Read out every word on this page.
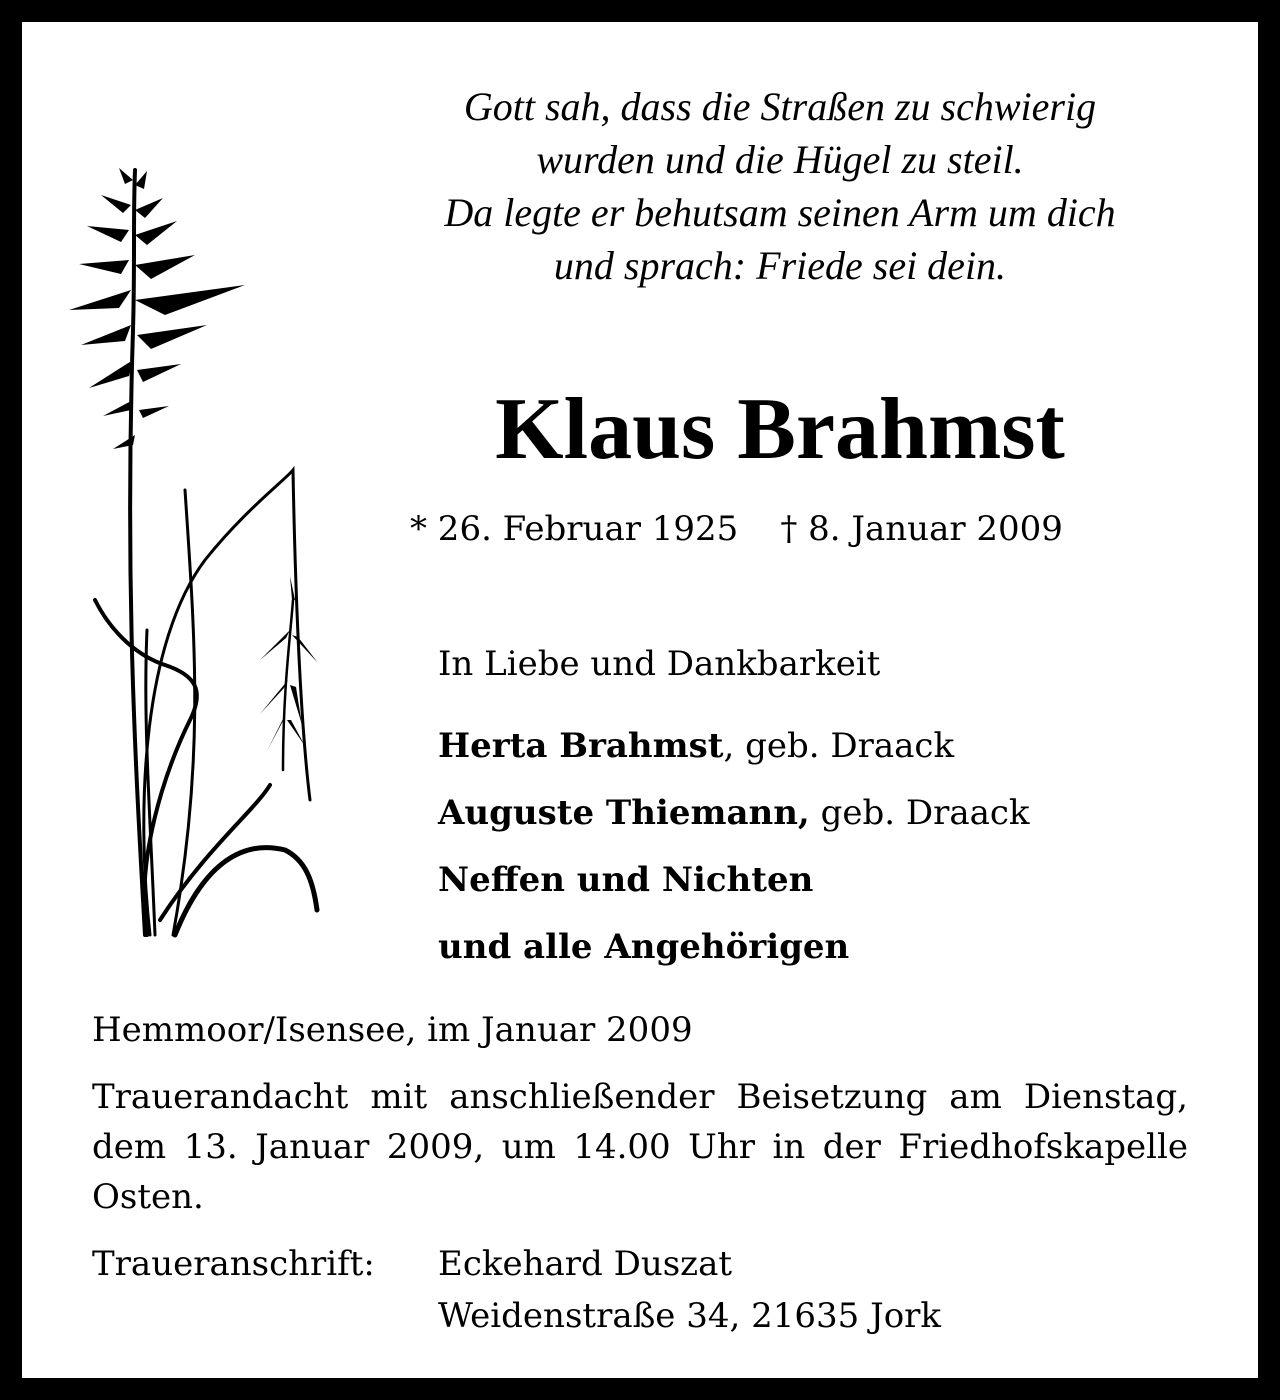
Gott sah, dass die Straßen zu schwierig
wurden und die Hügel zu steil.
Da legte er behutsam seinen Arm um dich
und sprach: Friede sei dein.
Klaus Brahmst
* 26. Februar 1925 † 8. Januar 2009
In Liebe und Dankbarkeit
Herta Brahmst, geb. Draack
Auguste Thiemann, geb. Draack
Neffen und Nichten
und alle Angehörigen
Hemmoor/Isensee, im Januar 2009
Trauerandacht mit anschließender Beisetzung am Dienstag, dem 13. Januar 2009, um 14.00 Uhr in der Friedhofskapelle Osten.
Traueranschrift: Eckehard Duszat
Weidenstraße 34, 21635 Jork
